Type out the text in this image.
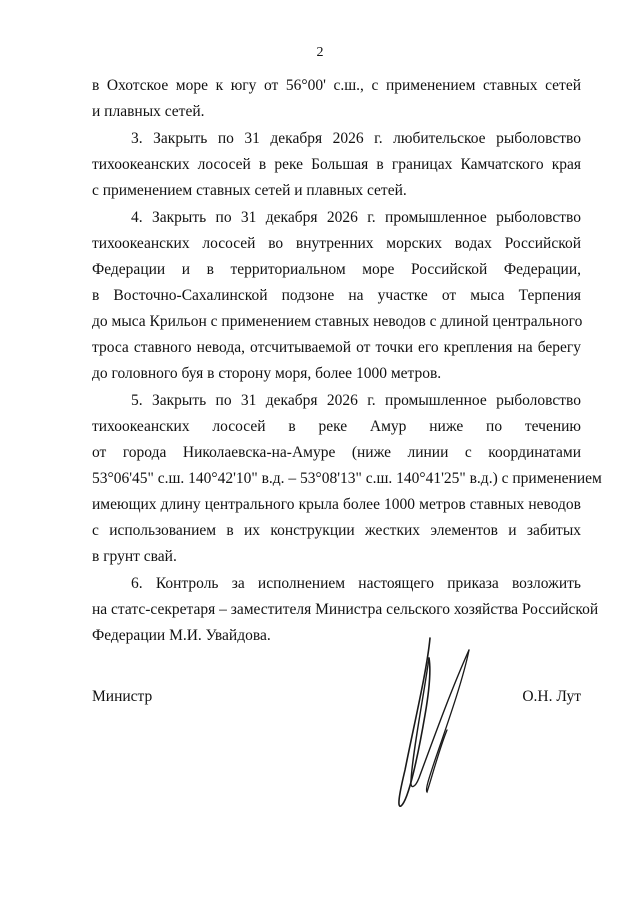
2
в Охотское море к югу от 56°00' с.ш., с применением ставных сетей
и плавных сетей.
3. Закрыть по 31 декабря 2026 г. любительское рыболовство
тихоокеанских лососей в реке Большая в границах Камчатского края
с применением ставных сетей и плавных сетей.
4. Закрыть по 31 декабря 2026 г. промышленное рыболовство
тихоокеанских лососей во внутренних морских водах Российской
Федерации и в территориальном море Российской Федерации,
в Восточно-Сахалинской подзоне на участке от мыса Терпения
до мыса Крильон с применением ставных неводов с длиной центрального
троса ставного невода, отсчитываемой от точки его крепления на берегу
до головного буя в сторону моря, более 1000 метров.
5. Закрыть по 31 декабря 2026 г. промышленное рыболовство
тихоокеанских лососей в реке Амур ниже по течению
от города Николаевска-на-Амуре (ниже линии с координатами
53°06'45" с.ш. 140°42'10" в.д. – 53°08'13" с.ш. 140°41'25" в.д.) с применением
имеющих длину центрального крыла более 1000 метров ставных неводов
с использованием в их конструкции жестких элементов и забитых
в грунт свай.
6. Контроль за исполнением настоящего приказа возложить
на статс-секретаря – заместителя Министра сельского хозяйства Российской
Федерации М.И. Увайдова.
Министр	О.Н. Лут
